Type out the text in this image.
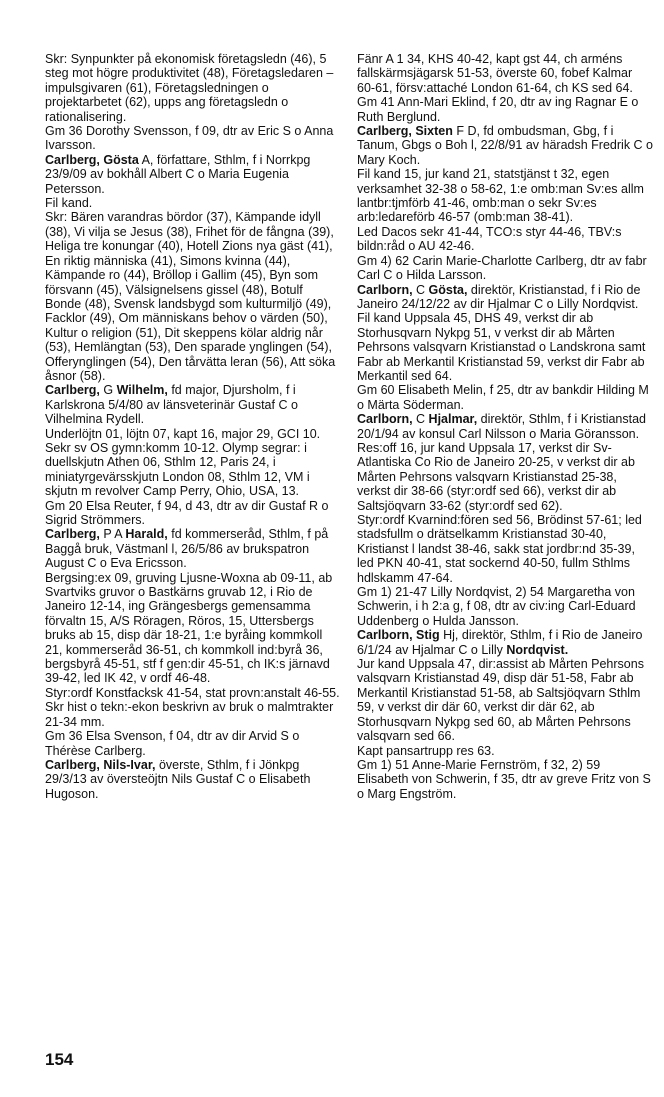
Skr: Synpunkter på ekonomisk företagsledn (46), 5 steg mot högre produktivitet (48), Företagsledaren – impulsgivaren (61), Företagsledningen o projektarbetet (62), upps ang företagsledn o rationalisering.

Gm 36 Dorothy Svensson, f 09, dtr av Eric S o Anna Ivarsson.

Carlberg, Gösta A, författare, Sthlm, f i Norrkpg 23/9/09 av bokhåll Albert C o Maria Eugenia Petersson.

Fil kand.

Skr: Bären varandras bördor (37), Kämpande idyll (38), Vi vilja se Jesus (38), Frihet för de fångna (39), Heliga tre konungar (40), Hotell Zions nya gäst (41), En riktig människa (41), Simons kvinna (44), Kämpande ro (44), Bröllop i Gallim (45), Byn som försvann (45), Välsignelsens gissel (48), Botulf Bonde (48), Svensk landsbygd som kulturmiljö (49), Facklor (49), Om människans behov o värden (50), Kultur o religion (51), Dit skeppens kölar aldrig når (53), Hemlängtan (53), Den sparade ynglingen (54), Offerynglingen (54), Den tårvätta leran (56), Att söka åsnor (58).

Carlberg, G Wilhelm, fd major, Djursholm, f i Karlskrona 5/4/80 av länsveterinär Gustaf C o Vilhelmina Rydell.

Underlöjtn 01, löjtn 07, kapt 16, major 29, GCI 10.

Sekr sv OS gymn:komm 10-12. Olymp segrar: i duellskjutn Athen 06, Sthlm 12, Paris 24, i miniatyrgevärsskjutn London 08, Sthlm 12, VM i skjutn m revolver Camp Perry, Ohio, USA, 13.

Gm 20 Elsa Reuter, f 94, d 43, dtr av dir Gustaf R o Sigrid Strömmers.

Carlberg, P A Harald, fd kommerseråd, Sthlm, f på Baggå bruk, Västmanl l, 26/5/86 av brukspatron August C o Eva Ericsson.

Bergsing:ex 09, gruving Ljusne-Woxna ab 09-11, ab Svartviks gruvor o Bastkärns gruvab 12, i Rio de Janeiro 12-14, ing Grängesbergs gemensamma förvaltn 15, A/S Röragen, Röros, 15, Uttersbergs bruks ab 15, disp där 18-21, 1:e byråing kommkoll 21, kommerseråd 36-51, ch kommkoll ind:byrå 36, bergsbyrå 45-51, stf f gen:dir 45-51, ch IK:s järnavd 39-42, led IK 42, v ordf 46-48.

Styr:ordf Konstfacksk 41-54, stat provn:anstalt 46-55.

Skr hist o tekn:-ekon beskrivn av bruk o malmtrakter 21-34 mm.

Gm 36 Elsa Svenson, f 04, dtr av dir Arvid S o Thérèse Carlberg.

Carlberg, Nils-Ivar, överste, Sthlm, f i Jönkpg 29/3/13 av översteöjtn Nils Gustaf C o Elisabeth Hugoson.

Fänr A 1 34, KHS 40-42, kapt gst 44, ch arméns fallskärmsjägarsk 51-53, överste 60, fobef Kalmar 60-61, försv:attaché London 61-64, ch KS sed 64.

Gm 41 Ann-Mari Eklind, f 20, dtr av ing Ragnar E o Ruth Berglund.

Carlberg, Sixten F D, fd ombudsman, Gbg, f i Tanum, Gbgs o Boh l, 22/8/91 av häradsh Fredrik C o Mary Koch.

Fil kand 15, jur kand 21, statstjänst t 32, egen verksamhet 32-38 o 58-62, 1:e omb:man Sv:es allm lantbr:tjmförb 41-46, omb:man o sekr Sv:es arb:ledareförb 46-57 (omb:man 38-41).

Led Dacos sekr 41-44, TCO:s styr 44-46, TBV:s bildn:råd o AU 42-46.

Gm 4) 62 Carin Marie-Charlotte Carlberg, dtr av fabr Carl C o Hilda Larsson.

Carlborn, C Gösta, direktör, Kristianstad, f i Rio de Janeiro 24/12/22 av dir Hjalmar C o Lilly Nordqvist.

Fil kand Uppsala 45, DHS 49, verkst dir ab Storhusqvarn Nykpg 51, v verkst dir ab Mårten Pehrsons valsqvarn Kristianstad o Landskrona samt Fabr ab Merkantil Kristianstad 59, verkst dir Fabr ab Merkantil sed 64.

Gm 60 Elisabeth Melin, f 25, dtr av bankdir Hilding M o Märta Söderman.

Carlborn, C Hjalmar, direktör, Sthlm, f i Kristianstad 20/1/94 av konsul Carl Nilsson o Maria Göransson.

Res:off 16, jur kand Uppsala 17, verkst dir Sv-Atlantiska Co Rio de Janeiro 20-25, v verkst dir ab Mårten Pehrsons valsqvarn Kristianstad 25-38, verkst dir 38-66 (styr:ordf sed 66), verkst dir ab Saltsjöqvarn 33-62 (styr:ordf sed 62).

Styr:ordf Kvarnind:fören sed 56, Brödinst 57-61; led stadsfullm o drätselkamm Kristianstad 30-40, Kristianst l landst 38-46, sakk stat jordbr:nd 35-39, led PKN 40-41, stat sockernd 40-50, fullm Sthlms hdlskamm 47-64.

Gm 1) 21-47 Lilly Nordqvist, 2) 54 Margaretha von Schwerin, i h 2:a g, f 08, dtr av civ:ing Carl-Eduard Uddenberg o Hulda Jansson.

Carlborn, Stig Hj, direktör, Sthlm, f i Rio de Janeiro 6/1/24 av Hjalmar C o Lilly Nordqvist.

Jur kand Uppsala 47, dir:assist ab Mårten Pehrsons valsqvarn Kristianstad 49, disp där 51-58, Fabr ab Merkantil Kristianstad 51-58, ab Saltsjöqvarn Sthlm 59, v verkst dir där 60, verkst dir där 62, ab Storhusqvarn Nykpg sed 60, ab Mårten Pehrsons valsqvarn sed 66.

Kapt pansartrupp res 63.

Gm 1) 51 Anne-Marie Fernström, f 32, 2) 59 Elisabeth von Schwerin, f 35, dtr av greve Fritz von S o Marg Engström.

154
